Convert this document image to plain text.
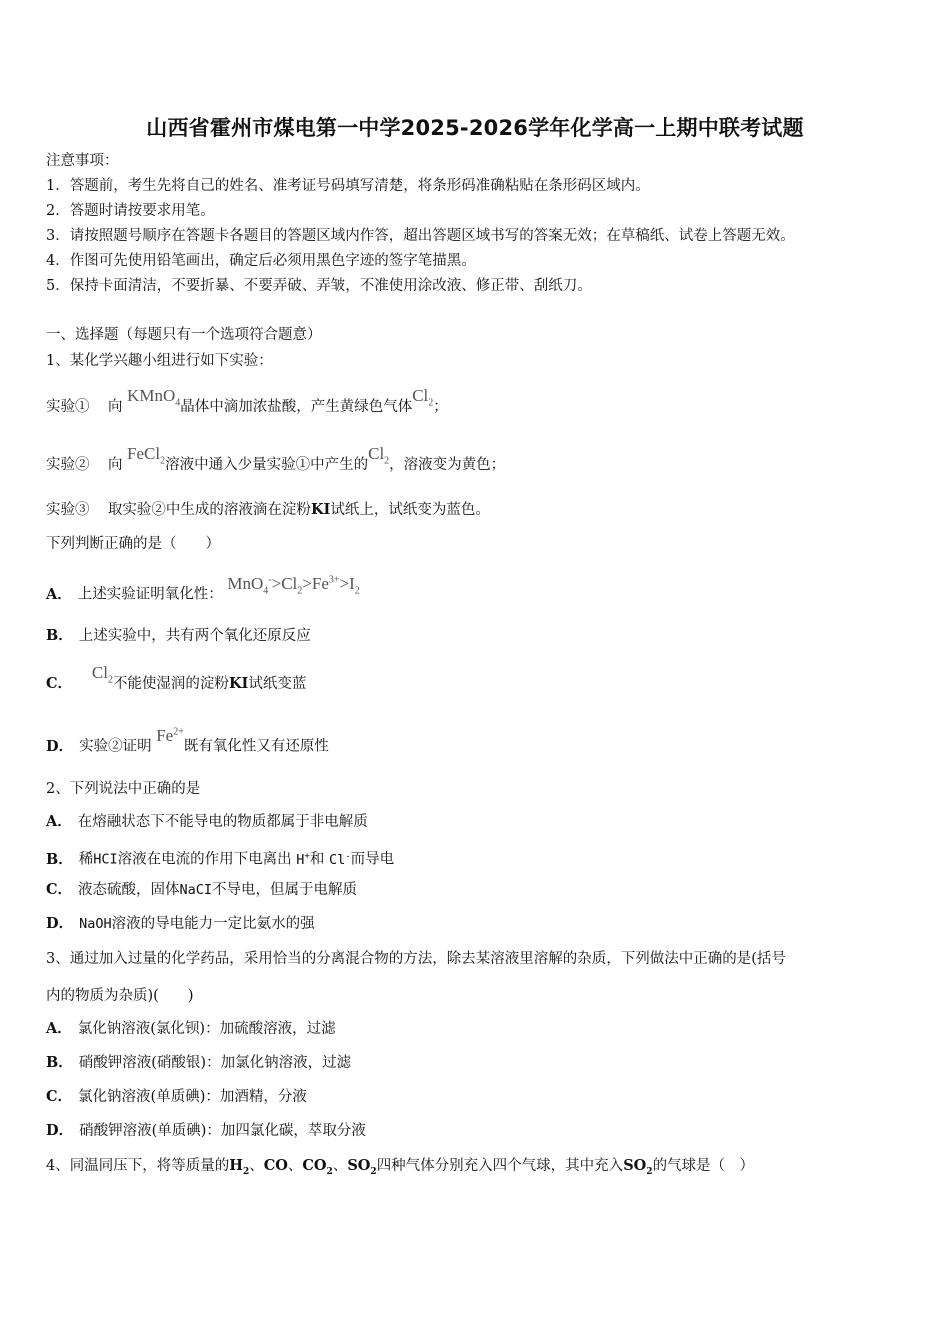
山西省霍州市煤电第一中学2025-2026学年化学高一上期中联考试题
注意事项：
1．答题前，考生先将自己的姓名、准考证号码填写清楚，将条形码准确粘贴在条形码区域内。
2．答题时请按要求用笔。
3．请按照题号顺序在答题卡各题目的答题区域内作答，超出答题区域书写的答案无效；在草稿纸、试卷上答题无效。
4．作图可先使用铅笔画出，确定后必须用黑色字迹的签字笔描黑。
5．保持卡面清洁，不要折暴、不要弄破、弄皱，不准使用涂改液、修正带、刮纸刀。
一、选择题（每题只有一个选项符合题意）
1、某化学兴趣小组进行如下实验：
实验① 向 KMnO$_4$晶体中滴加浓盐酸，产生黄绿色气体$Cl_2$；
实验② 向 FeCl$_2$溶液中通入少量实验①中产生的$Cl_2$，溶液变为黄色；
实验③ 取实验②中生成的溶液滴在淀粉KI试纸上，试纸变为蓝色。
下列判断正确的是（　　）
A． 上述实验证明氧化性： $MnO_4^->Cl_2>Fe^{3+}>I_2$
B． 上述实验中，共有两个氧化还原反应
C．   $Cl_2$不能使湿润的淀粉KI试纸变蓝
D． 实验②证明 $Fe^{2+}$既有氧化性又有还原性
2、下列说法中正确的是
A． 在熔融状态下不能导电的物质都属于非电解质
B． 稀HCI溶液在电流的作用下电离出 H+和 Cl-而导电
C． 液态硫酸，固体NaCI不导电，但属于电解质
D． NaOH溶液的导电能力一定比氨水的强
3、通过加入过量的化学药品，采用恰当的分离混合物的方法，除去某溶液里溶解的杂质，下列做法中正确的是(括号
内的物质为杂质)(　　)
A． 氯化钠溶液(氯化钡)：加硫酸溶液，过滤
B． 硝酸钾溶液(硝酸银)：加氯化钠溶液，过滤
C． 氯化钠溶液(单质碘)：加酒精，分液
D． 硝酸钾溶液(单质碘)：加四氯化碳，萃取分液
4、同温同压下，将等质量的$H_2$、CO、$CO_2$、$SO_2$四种气体分别充入四个气球，其中充入$SO_2$的气球是（　）
